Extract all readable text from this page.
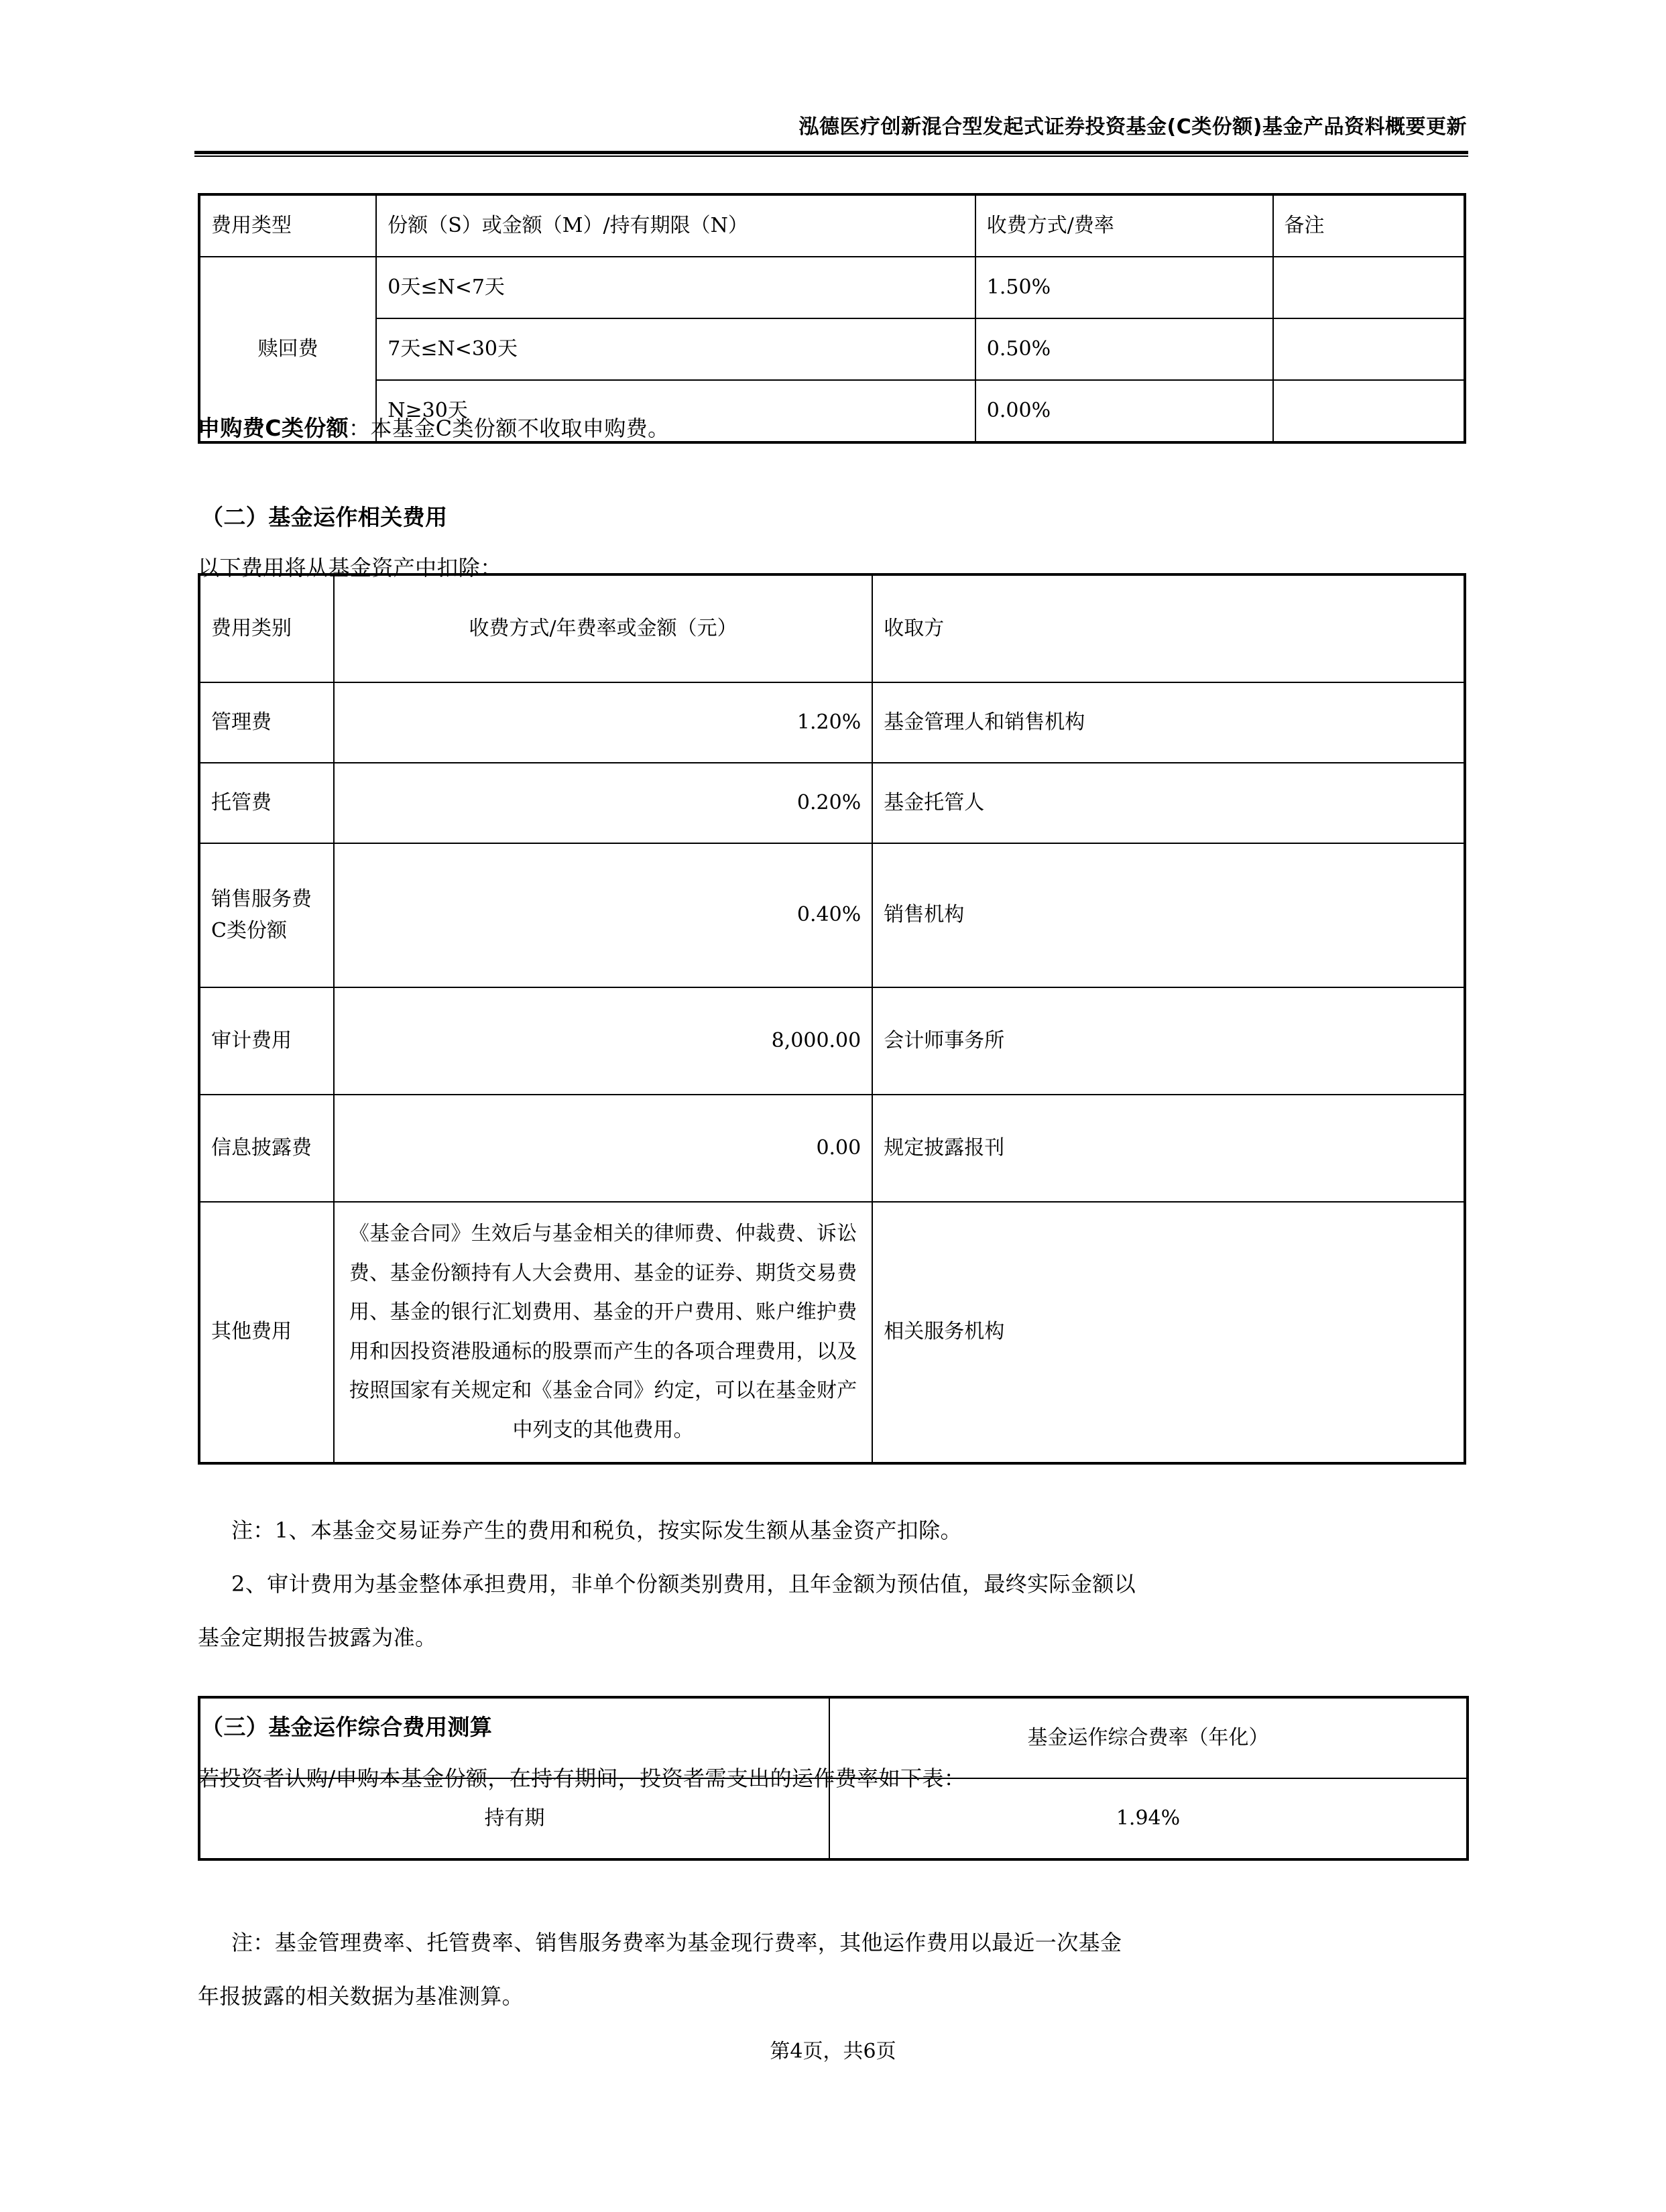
泓德医疗创新混合型发起式证券投资基金(C类份额)基金产品资料概要更新
费用类型	份额（S）或金额（M）/持有期限（N）	收费方式/费率	备注
赎回费	0天≤N<7天	1.50%	
	7天≤N<30天	0.50%	
	N≥30天	0.00%	
申购费C类份额：本基金C类份额不收取申购费。
（二）基金运作相关费用
以下费用将从基金资产中扣除：
费用类别	收费方式/年费率或金额（元）	收取方
管理费	1.20%	基金管理人和销售机构
托管费	0.20%	基金托管人
销售服务费C类份额	0.40%	销售机构
审计费用	8,000.00	会计师事务所
信息披露费	0.00	规定披露报刊
其他费用	《基金合同》生效后与基金相关的律师费、仲裁费、诉讼费、基金份额持有人大会费用、基金的证券、期货交易费用、基金的银行汇划费用、基金的开户费用、账户维护费用和因投资港股通标的股票而产生的各项合理费用，以及按照国家有关规定和《基金合同》约定，可以在基金财产中列支的其他费用。	相关服务机构
注：1、本基金交易证券产生的费用和税负，按实际发生额从基金资产扣除。
2、审计费用为基金整体承担费用，非单个份额类别费用，且年金额为预估值，最终实际金额以
基金定期报告披露为准。
（三）基金运作综合费用测算
若投资者认购/申购本基金份额，在持有期间，投资者需支出的运作费率如下表：
	基金运作综合费率（年化）
持有期	1.94%
注：基金管理费率、托管费率、销售服务费率为基金现行费率，其他运作费用以最近一次基金
年报披露的相关数据为基准测算。
第4页，共6页
